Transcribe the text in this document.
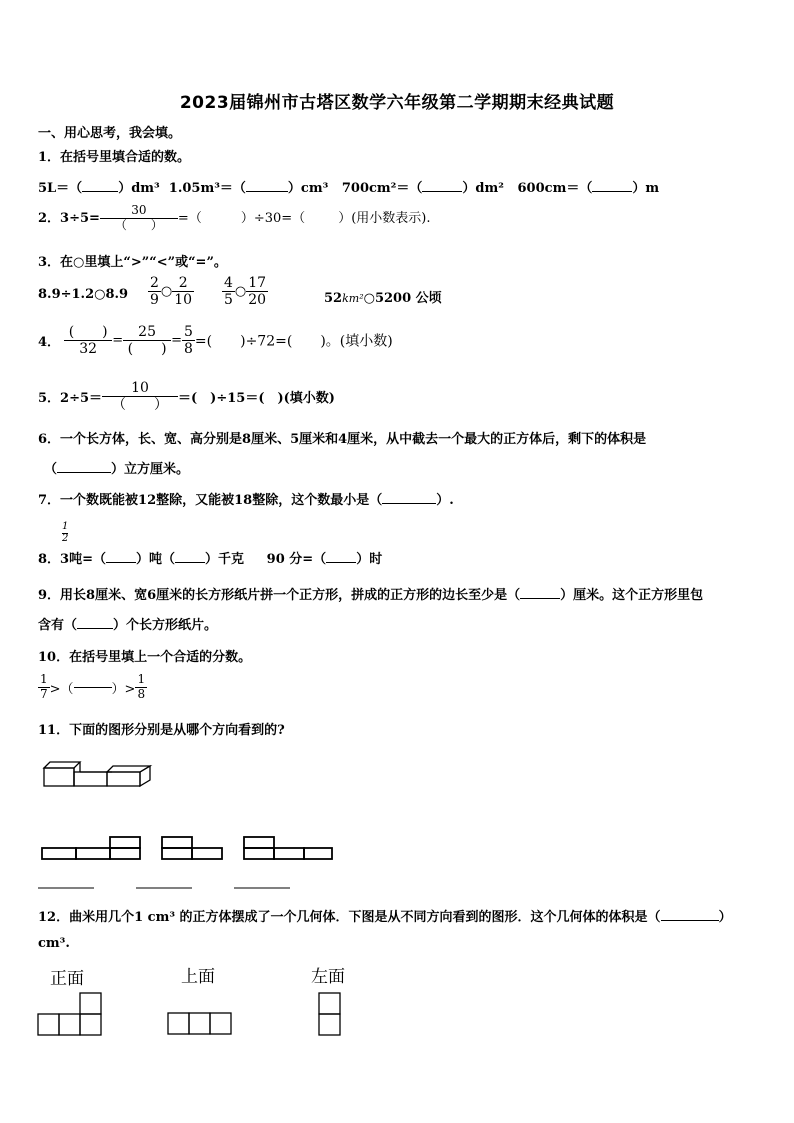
2023届锦州市古塔区数学六年级第二学期期末经典试题
一、用心思考，我会填。
1．在括号里填合适的数。
5L＝（	）dm³ 1.05m³＝（	）cm³ 700cm²＝（	）dm² 600cm＝（	）m
2．$3\div 5= \frac{30}{( )}$ =（　　　）÷30=（	）(用小数表示).
3．在○里填上“>”“<”或“=”。
8.9÷1.2○8.9 $\frac{2}{9}$ ○ $\frac{2}{10} \frac{4}{5}$ ○ $\frac{17}{20}$	52km²○5200 公顷
4． $\frac{( )}{32} = \frac{25}{( )} = \frac{5}{8}$ =(　　)÷72=(　　)。(填小数)
5．$2\div 5= \frac{10}{( )}$ ＝(　)÷15＝(　)(填小数)
6．一个长方体，长、宽、高分别是8厘米、5厘米和4厘米，从中截去一个最大的正方体后，剩下的体积是
（	）立方厘米。
7．一个数既能被12整除，又能被18整除，这个数最小是（	）.
8．3吨=（ ）吨（ ）千克 90 分=（ ）时
$\frac{1}{2}$
9．用长8厘米、宽6厘米的长方形纸片拼一个正方形，拼成的正方形的边长至少是（	）厘米。这个正方形里包
含有（	）个长方形纸片。
10．在括号里填上一个合适的分数。
$\frac{1}{7}$ >（	）> $\frac{1}{8}$
11．下面的图形分别是从哪个方向看到的?
12．曲米用几个1 cm³ 的正方体摆成了一个几何体．下图是从不同方向看到的图形．这个几何体的体积是（	）
cm³.
正面	上面	左面
